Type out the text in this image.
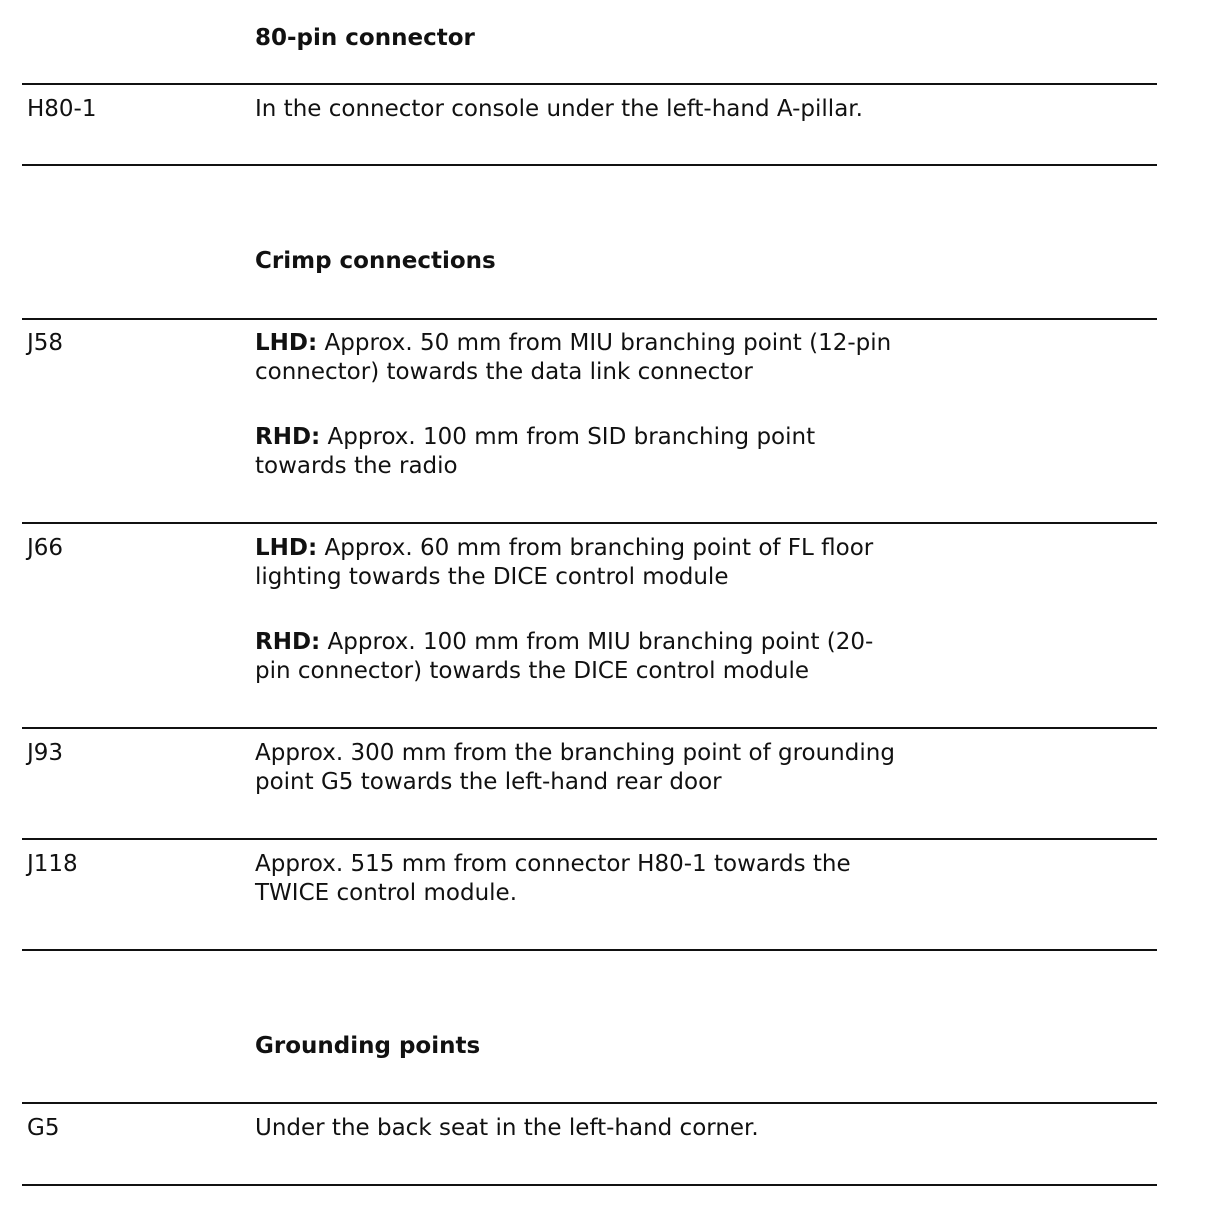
80-pin connector
H80-1	In the connector console under the left-hand A-pillar.

Crimp connections
J58	LHD: Approx. 50 mm from MIU branching point (12-pin

connector) towards the data link connector

RHD: Approx. 100 mm from SID branching point

towards the radio

J66	LHD: Approx. 60 mm from branching point of FL floor

lighting towards the DICE control module

RHD: Approx. 100 mm from MIU branching point (20-

pin connector) towards the DICE control module

J93	Approx. 300 mm from the branching point of grounding

point G5 towards the left-hand rear door

J118	Approx. 515 mm from connector H80-1 towards the

TWICE control module.

Grounding points
G5	Under the back seat in the left-hand corner.
